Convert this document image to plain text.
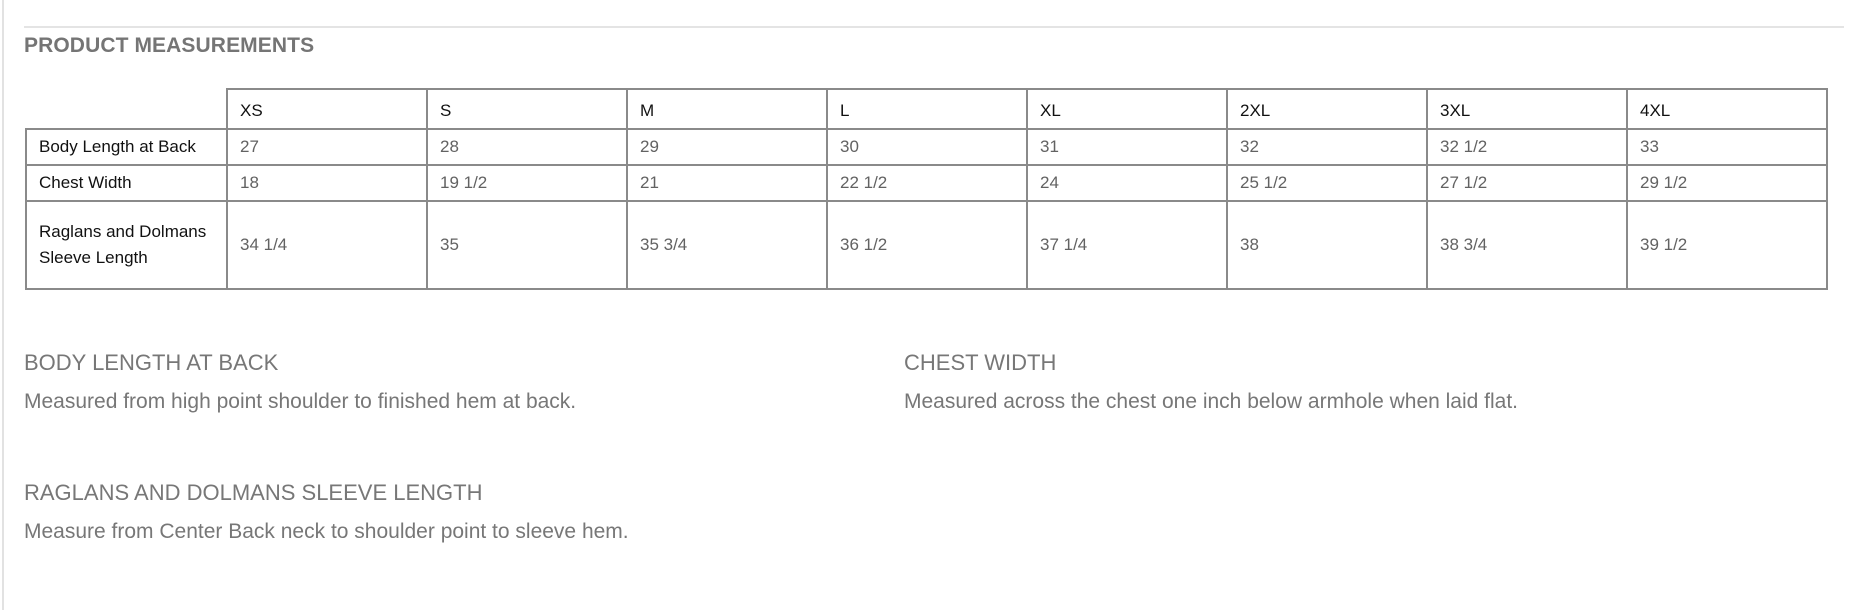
PRODUCT MEASUREMENTS
	XS	S	M	L	XL	2XL	3XL	4XL
Body Length at Back	27	28	29	30	31	32	32 1/2	33
Chest Width	18	19 1/2	21	22 1/2	24	25 1/2	27 1/2	29 1/2
Raglans and Dolmans Sleeve Length	34 1/4	35	35 3/4	36 1/2	37 1/4	38	38 3/4	39 1/2
BODY LENGTH AT BACK

Measured from high point shoulder to finished hem at back.

CHEST WIDTH

Measured across the chest one inch below armhole when laid flat.

RAGLANS AND DOLMANS SLEEVE LENGTH

Measure from Center Back neck to shoulder point to sleeve hem.
